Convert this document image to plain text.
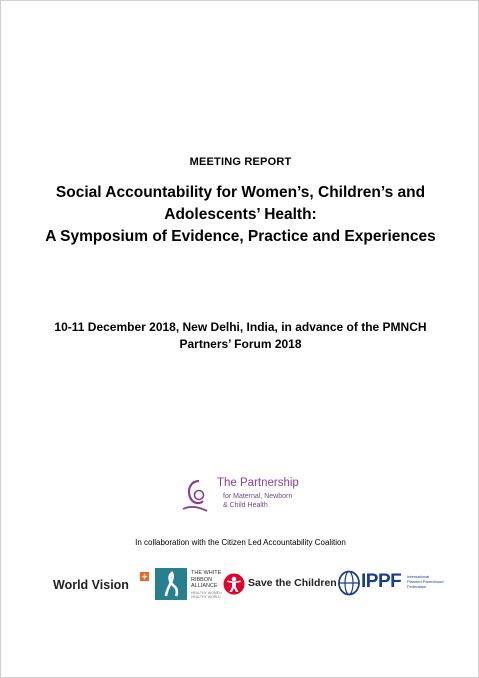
MEETING REPORT
Social Accountability for Women’s, Children’s and
Adolescents’ Health:
A Symposium of Evidence, Practice and Experiences
10-11 December 2018, New Delhi, India, in advance of the PMNCH
Partners’ Forum 2018
The Partnership
for Maternal, Newborn
& Child Health
In collaboration with the Citizen Led Accountability Coalition
World Vision
THE WHITE
RIBBON
ALLIANCE
HEALTHY WOMEN
HEALTHY WORLD
Save the Children IPPF International
Planned Parenthood
Federation
